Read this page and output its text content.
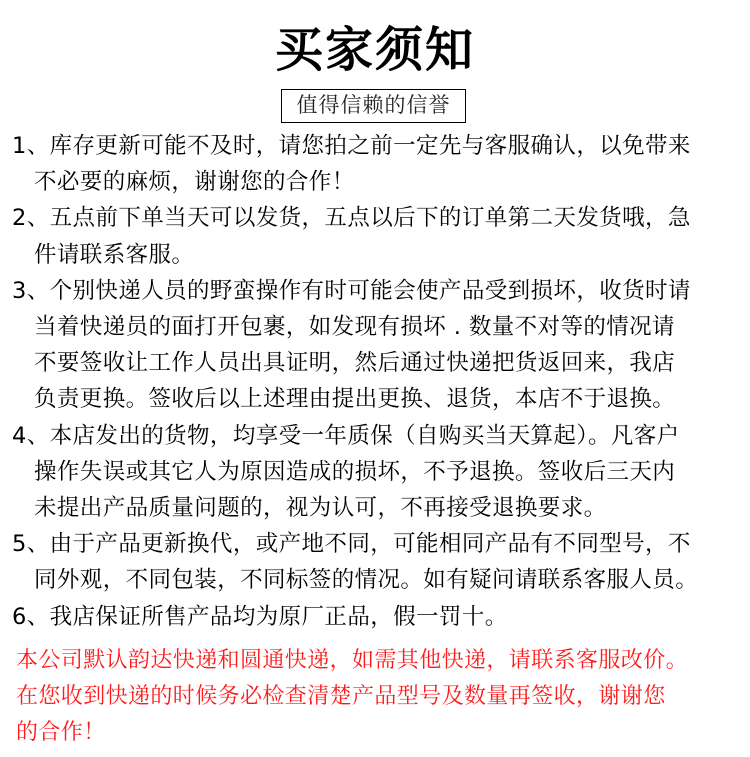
买家须知
值得信赖的信誉
1、库存更新可能不及时，请您拍之前一定先与客服确认，以免带来
不必要的麻烦，谢谢您的合作！
2、五点前下单当天可以发货，五点以后下的订单第二天发货哦，急
件请联系客服。
3、个别快递人员的野蛮操作有时可能会使产品受到损坏，收货时请
当着快递员的面打开包裹，如发现有损坏 . 数量不对等的情况请
不要签收让工作人员出具证明，然后通过快递把货返回来，我店
负责更换。签收后以上述理由提出更换、退货，本店不于退换。
4、本店发出的货物，均享受一年质保（自购买当天算起）。凡客户
操作失误或其它人为原因造成的损坏，不予退换。签收后三天内
未提出产品质量问题的，视为认可，不再接受退换要求。
5、由于产品更新换代，或产地不同，可能相同产品有不同型号，不
同外观，不同包装，不同标签的情况。如有疑问请联系客服人员。
6、我店保证所售产品均为原厂正品，假一罚十。
本公司默认韵达快递和圆通快递，如需其他快递，请联系客服改价。
在您收到快递的时候务必检查清楚产品型号及数量再签收，谢谢您
的合作！
